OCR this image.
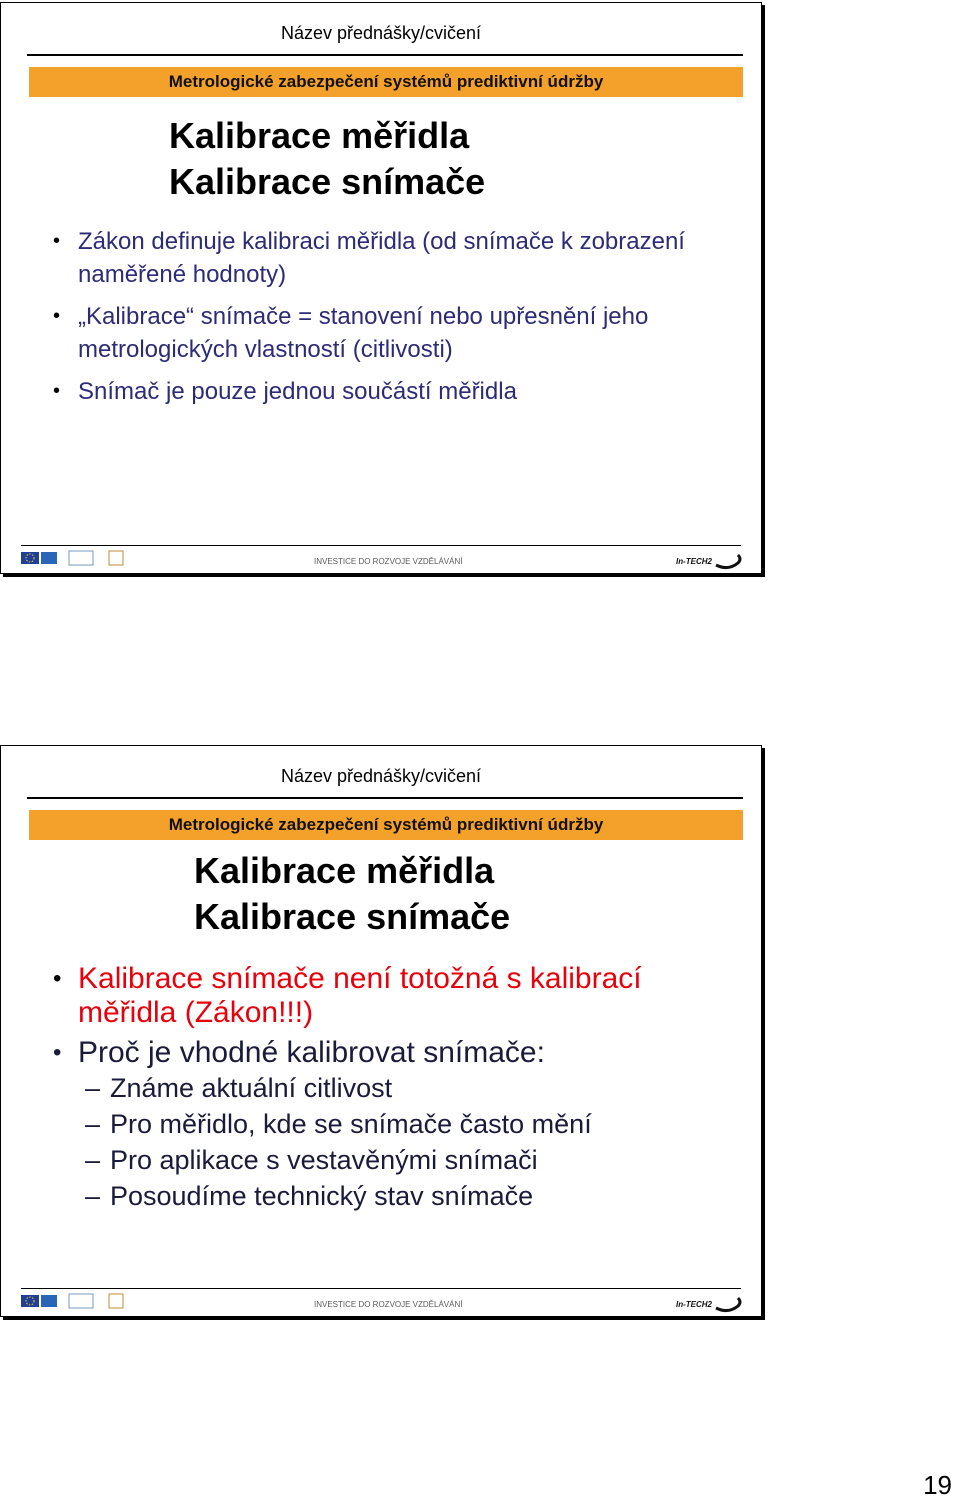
Název přednášky/cvičení
Metrologické zabezpečení systémů prediktivní údržby
Kalibrace měřidla
Kalibrace snímače
• Zákon definuje kalibraci měřidla (od snímače k zobrazení naměřené hodnoty)
• „Kalibrace“ snímače = stanovení nebo upřesnění jeho metrologických vlastností (citlivosti)
• Snímač je pouze jednou součástí měřidla
INVESTICE DO ROZVOJE VZDĚLÁVÁNÍ	In-TECH2
Název přednášky/cvičení
Metrologické zabezpečení systémů prediktivní údržby
Kalibrace měřidla
Kalibrace snímače
• Kalibrace snímače není totožná s kalibrací měřidla (Zákon!!!)
• Proč je vhodné kalibrovat snímače:
– Známe aktuální citlivost
– Pro měřidlo, kde se snímače často mění
– Pro aplikace s vestavěnými snímači
– Posoudíme technický stav snímače
INVESTICE DO ROZVOJE VZDĚLÁVÁNÍ	In-TECH2
19
